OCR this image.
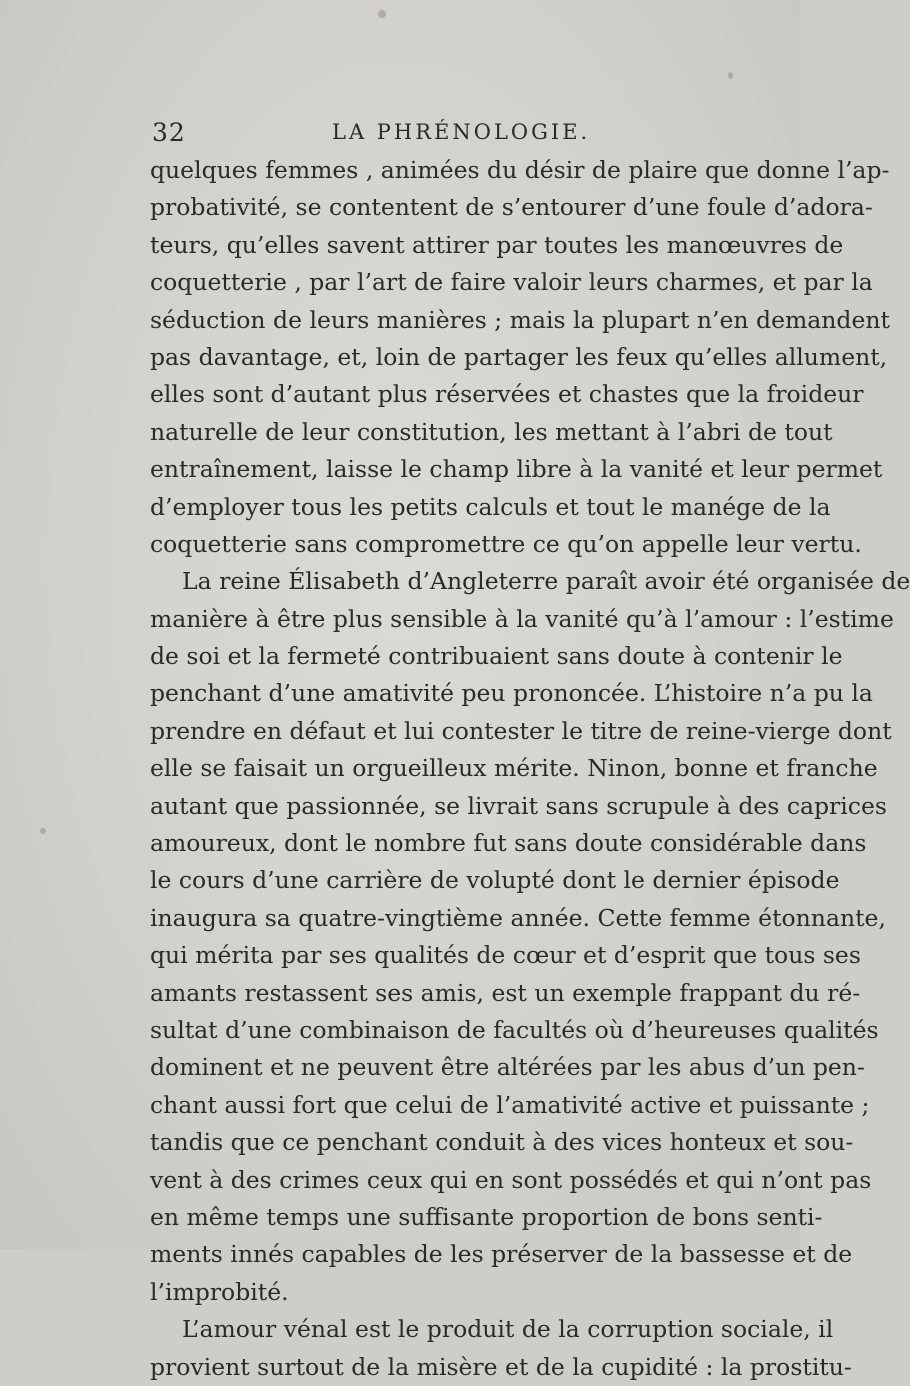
32	LA PHRÉNOLOGIE.
quelques femmes , animées du désir de plaire que donne l’ap-
probativité, se contentent de s’entourer d’une foule d’adora-
teurs, qu’elles savent attirer par toutes les manœuvres de
coquetterie , par l’art de faire valoir leurs charmes, et par la
séduction de leurs manières ; mais la plupart n’en demandent
pas davantage, et, loin de partager les feux qu’elles allument,
elles sont d’autant plus réservées et chastes que la froideur
naturelle de leur constitution, les mettant à l’abri de tout
entraînement, laisse le champ libre à la vanité et leur permet
d’employer tous les petits calculs et tout le manége de la
coquetterie sans compromettre ce qu’on appelle leur vertu.
La reine Élisabeth d’Angleterre paraît avoir été organisée de
manière à être plus sensible à la vanité qu’à l’amour : l’estime
de soi et la fermeté contribuaient sans doute à contenir le
penchant d’une amativité peu prononcée. L’histoire n’a pu la
prendre en défaut et lui contester le titre de reine-vierge dont
elle se faisait un orgueilleux mérite. Ninon, bonne et franche
autant que passionnée, se livrait sans scrupule à des caprices
amoureux, dont le nombre fut sans doute considérable dans
le cours d’une carrière de volupté dont le dernier épisode
inaugura sa quatre-vingtième année. Cette femme étonnante,
qui mérita par ses qualités de cœur et d’esprit que tous ses
amants restassent ses amis, est un exemple frappant du ré-
sultat d’une combinaison de facultés où d’heureuses qualités
dominent et ne peuvent être altérées par les abus d’un pen-
chant aussi fort que celui de l’amativité active et puissante ;
tandis que ce penchant conduit à des vices honteux et sou-
vent à des crimes ceux qui en sont possédés et qui n’ont pas
en même temps une suffisante proportion de bons senti-
ments innés capables de les préserver de la bassesse et de
l’improbité.
L’amour vénal est le produit de la corruption sociale, il
provient surtout de la misère et de la cupidité : la prostitu-
